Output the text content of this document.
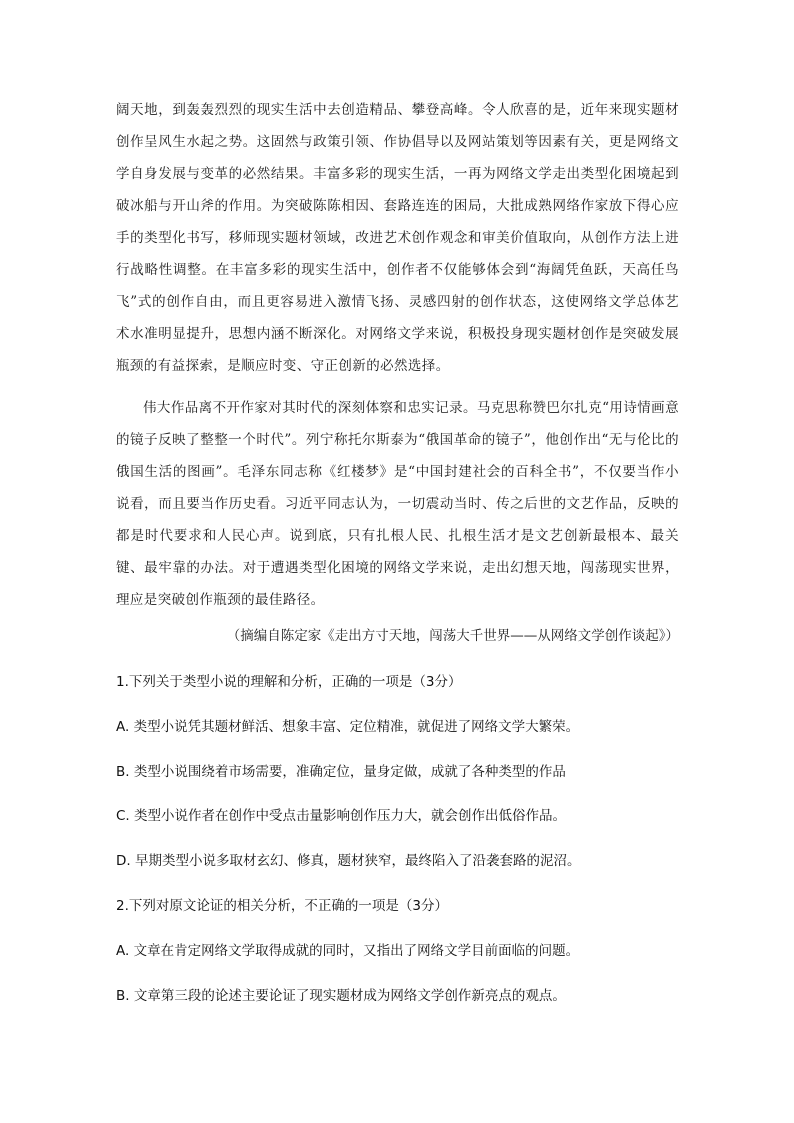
阔天地，到轰轰烈烈的现实生活中去创造精品、攀登高峰。令人欣喜的是，近年来现实题材创作呈风生水起之势。这固然与政策引领、作协倡导以及网站策划等因素有关，更是网络文学自身发展与变革的必然结果。丰富多彩的现实生活，一再为网络文学走出类型化困境起到破冰船与开山斧的作用。为突破陈陈相因、套路连连的困局，大批成熟网络作家放下得心应手的类型化书写，移师现实题材领域，改进艺术创作观念和审美价值取向，从创作方法上进行战略性调整。在丰富多彩的现实生活中，创作者不仅能够体会到“海阔凭鱼跃，天高任鸟飞”式的创作自由，而且更容易进入激情飞扬、灵感四射的创作状态，这使网络文学总体艺术水准明显提升，思想内涵不断深化。对网络文学来说，积极投身现实题材创作是突破发展瓶颈的有益探索，是顺应时变、守正创新的必然选择。

伟大作品离不开作家对其时代的深刻体察和忠实记录。马克思称赞巴尔扎克“用诗情画意的镜子反映了整整一个时代”。列宁称托尔斯泰为“俄国革命的镜子”，他创作出“无与伦比的俄国生活的图画”。毛泽东同志称《红楼梦》是“中国封建社会的百科全书”，不仅要当作小说看，而且要当作历史看。习近平同志认为，一切震动当时、传之后世的文艺作品，反映的都是时代要求和人民心声。说到底，只有扎根人民、扎根生活才是文艺创新最根本、最关键、最牢靠的办法。对于遭遇类型化困境的网络文学来说，走出幻想天地，闯荡现实世界，理应是突破创作瓶颈的最佳路径。

（摘编自陈定家《走出方寸天地，闯荡大千世界——从网络文学创作谈起》）
1.下列关于类型小说的理解和分析，正确的一项是（3分）
A. 类型小说凭其题材鲜活、想象丰富、定位精准，就促进了网络文学大繁荣。
B. 类型小说围绕着市场需要，准确定位，量身定做，成就了各种类型的作品
C. 类型小说作者在创作中受点击量影响创作压力大，就会创作出低俗作品。
D. 早期类型小说多取材玄幻、修真，题材狭窄，最终陷入了沿袭套路的泥沼。
2.下列对原文论证的相关分析，不正确的一项是（3分）
A. 文章在肯定网络文学取得成就的同时，又指出了网络文学目前面临的问题。
B. 文章第三段的论述主要论证了现实题材成为网络文学创作新亮点的观点。
